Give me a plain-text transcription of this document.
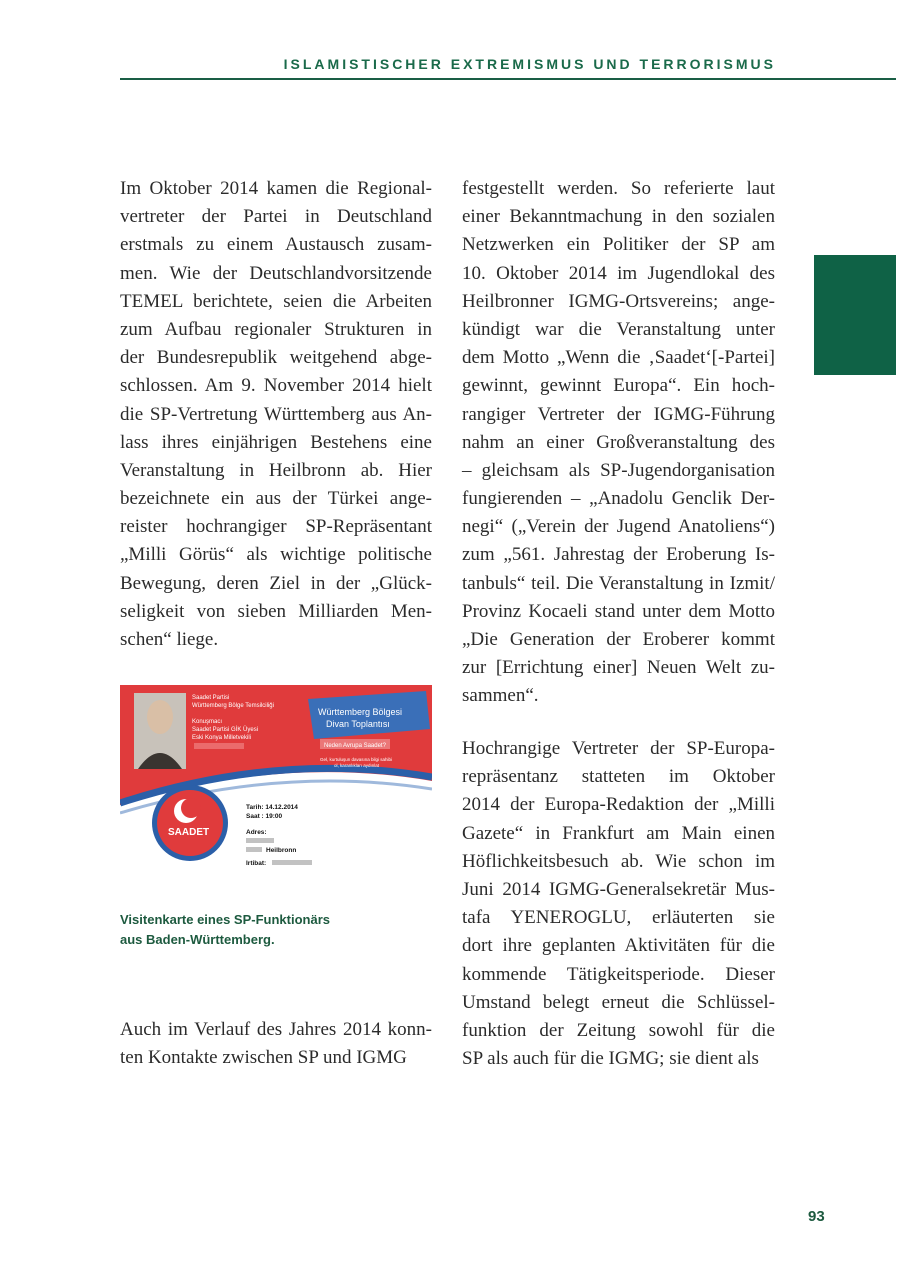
ISLAMISTISCHER EXTREMISMUS UND TERRORISMUS
Im Oktober 2014 kamen die Regional-
vertreter der Partei in Deutschland
erstmals zu einem Austausch zusam-
men. Wie der Deutschlandvorsitzende
TEMEL berichtete, seien die Arbeiten
zum Aufbau regionaler Strukturen in
der Bundesrepublik weitgehend abge-
schlossen. Am 9. November 2014 hielt
die SP-Vertretung Württemberg aus An-
lass ihres einjährigen Bestehens eine
Veranstaltung in Heilbronn ab. Hier
bezeichnete ein aus der Türkei ange-
reister hochrangiger SP-Repräsentant
„Milli Görüs“ als wichtige politische
Bewegung, deren Ziel in der „Glück-
seligkeit von sieben Milliarden Men-
schen“ liege.
Saadet Partisi
Württemberg Bölge Temsilciliği
Konuşmacı
Saadet Partisi GİK Üyesi
Eski Konya Milletvekili
Württemberg Bölgesi
Divan Toplantısı
Neden Avrupa Saadet?
Gel, kurtuluşun davasına bilgi sahibi
ol, karanlıkları aydınlat
SAADET
Tarih: 14.12.2014
Saat : 19:00
Adres:
Heilbronn
Irtibat:
Visitenkarte eines SP-Funktionärs
aus Baden-Württemberg.
Auch im Verlauf des Jahres 2014 konn-
ten Kontakte zwischen SP und IGMG
festgestellt werden. So referierte laut
einer Bekanntmachung in den sozialen
Netzwerken ein Politiker der SP am
10. Oktober 2014 im Jugendlokal des
Heilbronner IGMG-Ortsvereins; ange-
kündigt war die Veranstaltung unter
dem Motto „Wenn die ‚Saadet‘[-Partei]
gewinnt, gewinnt Europa“. Ein hoch-
rangiger Vertreter der IGMG-Führung
nahm an einer Großveranstaltung des
– gleichsam als SP-Jugendorganisation
fungierenden – „Anadolu Genclik Der-
negi“ („Verein der Jugend Anatoliens“)
zum „561. Jahrestag der Eroberung Is-
tanbuls“ teil. Die Veranstaltung in Izmit/
Provinz Kocaeli stand unter dem Motto
„Die Generation der Eroberer kommt
zur [Errichtung einer] Neuen Welt zu-
sammen“.
Hochrangige Vertreter der SP-Europa-
repräsentanz statteten im Oktober
2014 der Europa-Redaktion der „Milli
Gazete“ in Frankfurt am Main einen
Höflichkeitsbesuch ab. Wie schon im
Juni 2014 IGMG-Generalsekretär Mus-
tafa YENEROGLU, erläuterten sie
dort ihre geplanten Aktivitäten für die
kommende Tätigkeitsperiode. Dieser
Umstand belegt erneut die Schlüssel-
funktion der Zeitung sowohl für die
SP als auch für die IGMG; sie dient als
93
